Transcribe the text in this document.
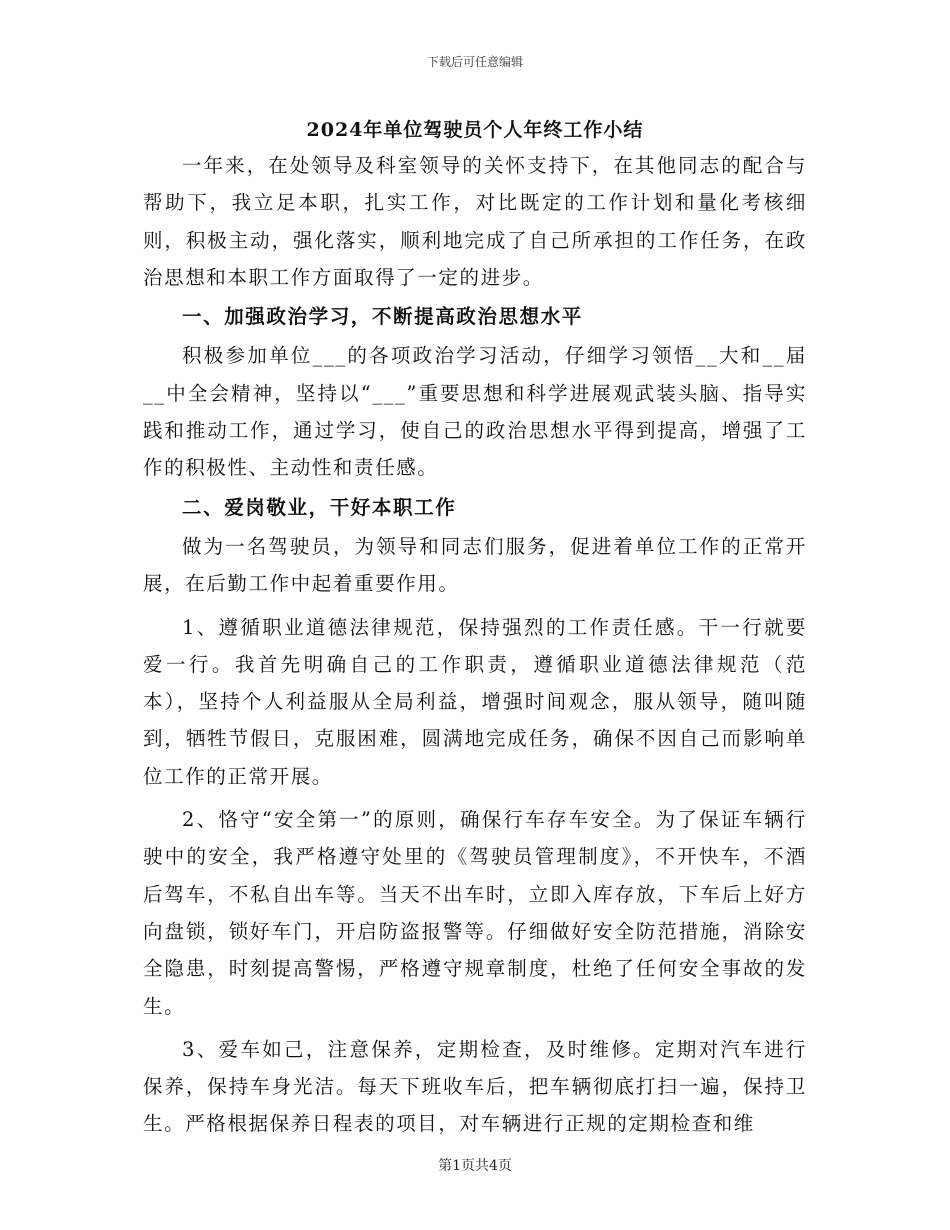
下载后可任意编辑
2024年单位驾驶员个人年终工作小结

一年来，在处领导及科室领导的关怀支持下，在其他同志的配合与帮助下，我立足本职，扎实工作，对比既定的工作计划和量化考核细则，积极主动，强化落实，顺利地完成了自己所承担的工作任务，在政治思想和本职工作方面取得了一定的进步。

一、加强政治学习，不断提高政治思想水平

积极参加单位___的各项政治学习活动，仔细学习领悟__大和__届__中全会精神，坚持以“___”重要思想和科学进展观武装头脑、指导实践和推动工作，通过学习，使自己的政治思想水平得到提高，增强了工作的积极性、主动性和责任感。

二、爱岗敬业，干好本职工作

做为一名驾驶员，为领导和同志们服务，促进着单位工作的正常开展，在后勤工作中起着重要作用。

1、遵循职业道德法律规范，保持强烈的工作责任感。干一行就要爱一行。我首先明确自己的工作职责，遵循职业道德法律规范（范本），坚持个人利益服从全局利益，增强时间观念，服从领导，随叫随到，牺牲节假日，克服困难，圆满地完成任务，确保不因自己而影响单位工作的正常开展。

2、恪守“安全第一”的原则，确保行车存车安全。为了保证车辆行驶中的安全，我严格遵守处里的《驾驶员管理制度》，不开快车，不酒后驾车，不私自出车等。当天不出车时，立即入库存放，下车后上好方向盘锁，锁好车门，开启防盗报警等。仔细做好安全防范措施，消除安全隐患，时刻提高警惕，严格遵守规章制度，杜绝了任何安全事故的发生。

3、爱车如己，注意保养，定期检查，及时维修。定期对汽车进行保养，保持车身光洁。每天下班收车后，把车辆彻底打扫一遍，保持卫生。严格根据保养日程表的项目，对车辆进行正规的定期检查和维

第1页共4页
